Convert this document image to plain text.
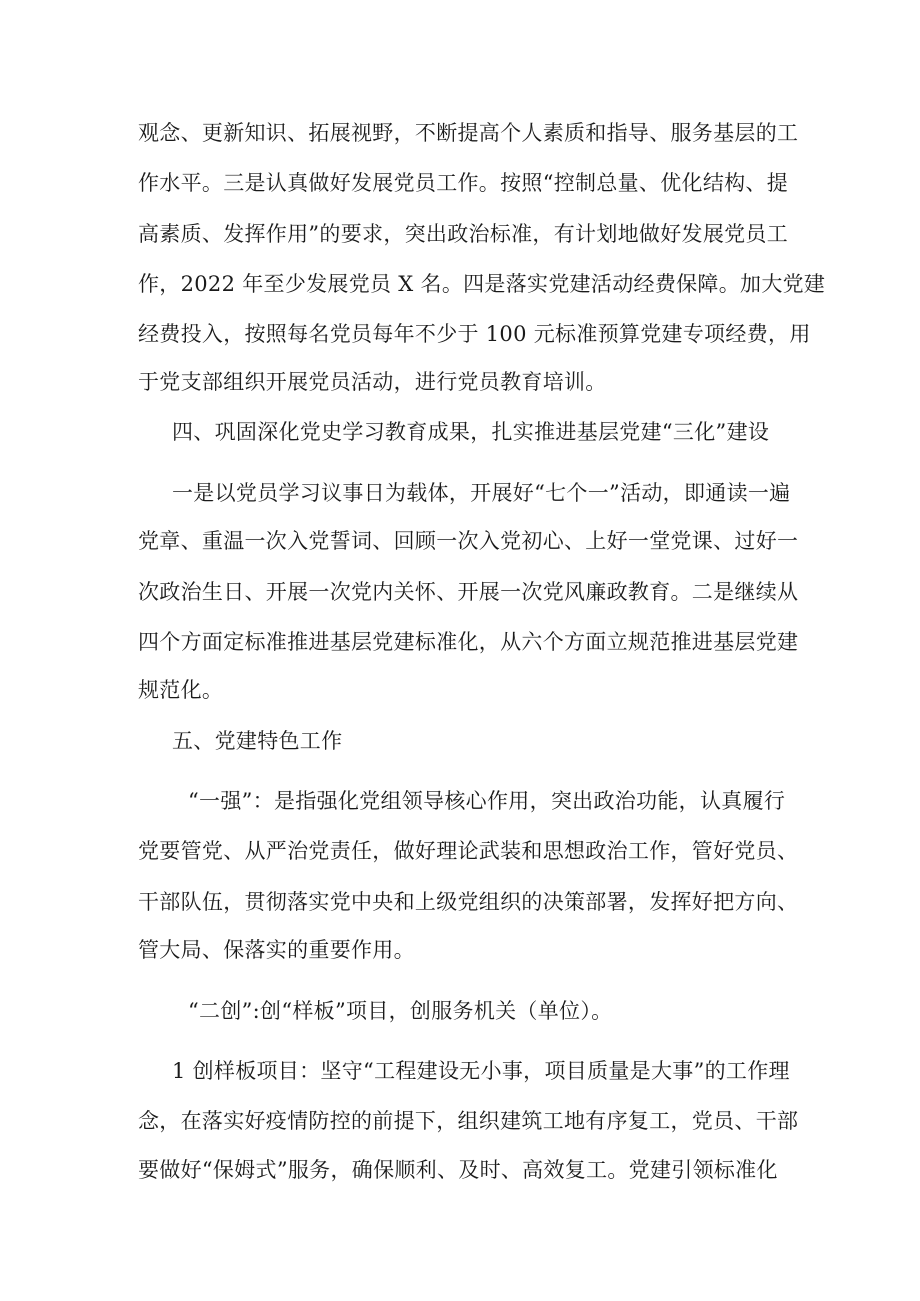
观念、更新知识、拓展视野，不断提高个人素质和指导、服务基层的工

作水平。三是认真做好发展党员工作。按照“控制总量、优化结构、提

高素质、发挥作用”的要求，突出政治标准，有计划地做好发展党员工

作，2022 年至少发展党员 X 名。四是落实党建活动经费保障。加大党建

经费投入，按照每名党员每年不少于 100 元标准预算党建专项经费，用

于党支部组织开展党员活动，进行党员教育培训。

四、巩固深化党史学习教育成果，扎实推进基层党建“三化”建设

一是以党员学习议事日为载体，开展好“七个一”活动，即通读一遍

党章、重温一次入党誓词、回顾一次入党初心、上好一堂党课、过好一

次政治生日、开展一次党内关怀、开展一次党风廉政教育。二是继续从

四个方面定标准推进基层党建标准化，从六个方面立规范推进基层党建

规范化。

五、党建特色工作

“一强”：是指强化党组领导核心作用，突出政治功能，认真履行

党要管党、从严治党责任，做好理论武装和思想政治工作，管好党员、

干部队伍，贯彻落实党中央和上级党组织的决策部署，发挥好把方向、

管大局、保落实的重要作用。

“二创”:创“样板”项目，创服务机关（单位）。

1 创样板项目：坚守“工程建设无小事，项目质量是大事”的工作理

念，在落实好疫情防控的前提下，组织建筑工地有序复工，党员、干部

要做好“保姆式”服务，确保顺利、及时、高效复工。党建引领标准化
